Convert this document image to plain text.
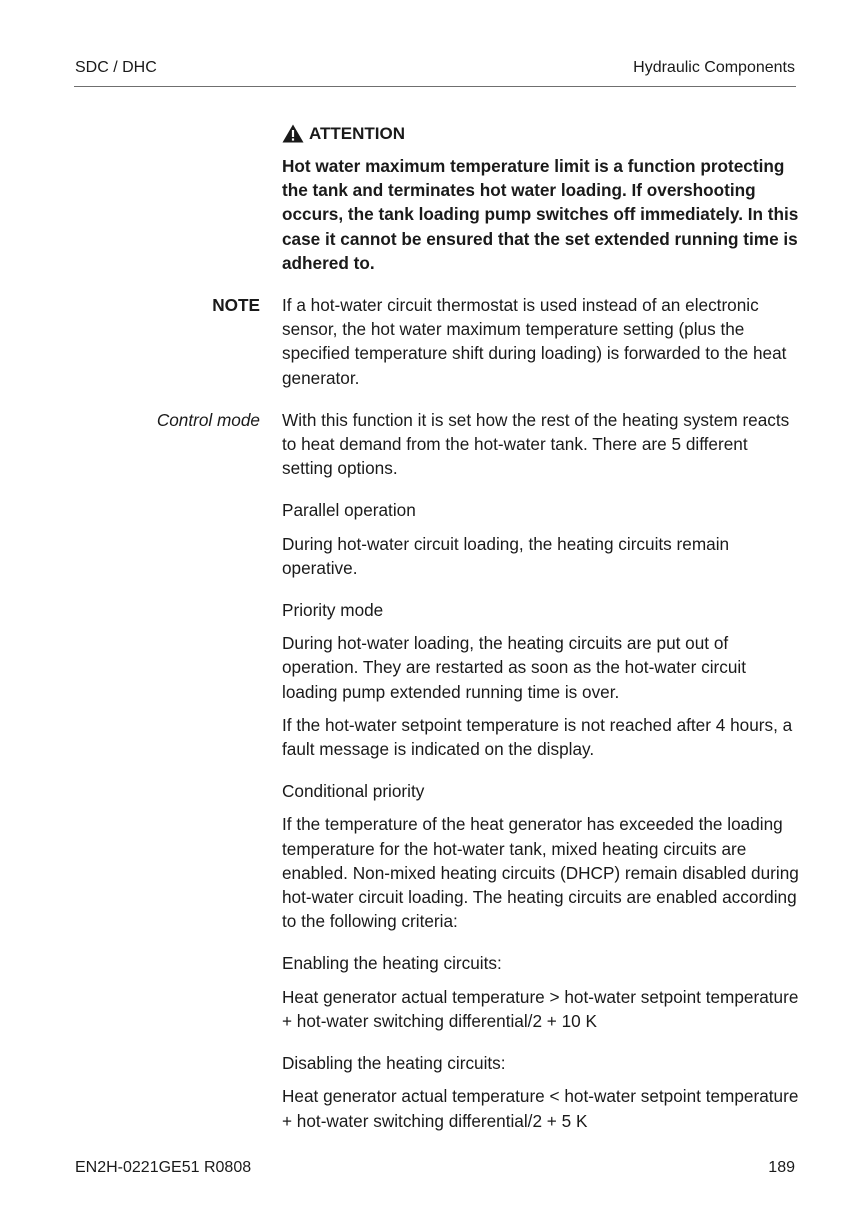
SDC / DHC	Hydraulic Components
ATTENTION

Hot water maximum temperature limit is a function protecting the tank and terminates hot water loading. If overshooting occurs, the tank loading pump switches off immediately. In this case it cannot be ensured that the set extended running time is adhered to.

NOTE If a hot-water circuit thermostat is used instead of an electronic sensor, the hot water maximum temperature setting (plus the specified temperature shift during loading) is forwarded to the heat generator.

Control mode With this function it is set how the rest of the heating system reacts to heat demand from the hot-water tank. There are 5 different setting options.

Parallel operation

During hot-water circuit loading, the heating circuits remain operative.

Priority mode

During hot-water loading, the heating circuits are put out of operation. They are restarted as soon as the hot-water circuit loading pump extended running time is over.

If the hot-water setpoint temperature is not reached after 4 hours, a fault message is indicated on the display.

Conditional priority

If the temperature of the heat generator has exceeded the loading temperature for the hot-water tank, mixed heating circuits are enabled. Non-mixed heating circuits (DHCP) remain disabled during hot-water circuit loading. The heating circuits are enabled according to the following criteria:

Enabling the heating circuits:

Heat generator actual temperature > hot-water setpoint temperature + hot-water switching differential/2 + 10 K

Disabling the heating circuits:

Heat generator actual temperature < hot-water setpoint temperature + hot-water switching differential/2 + 5 K

EN2H-0221GE51 R0808	189
